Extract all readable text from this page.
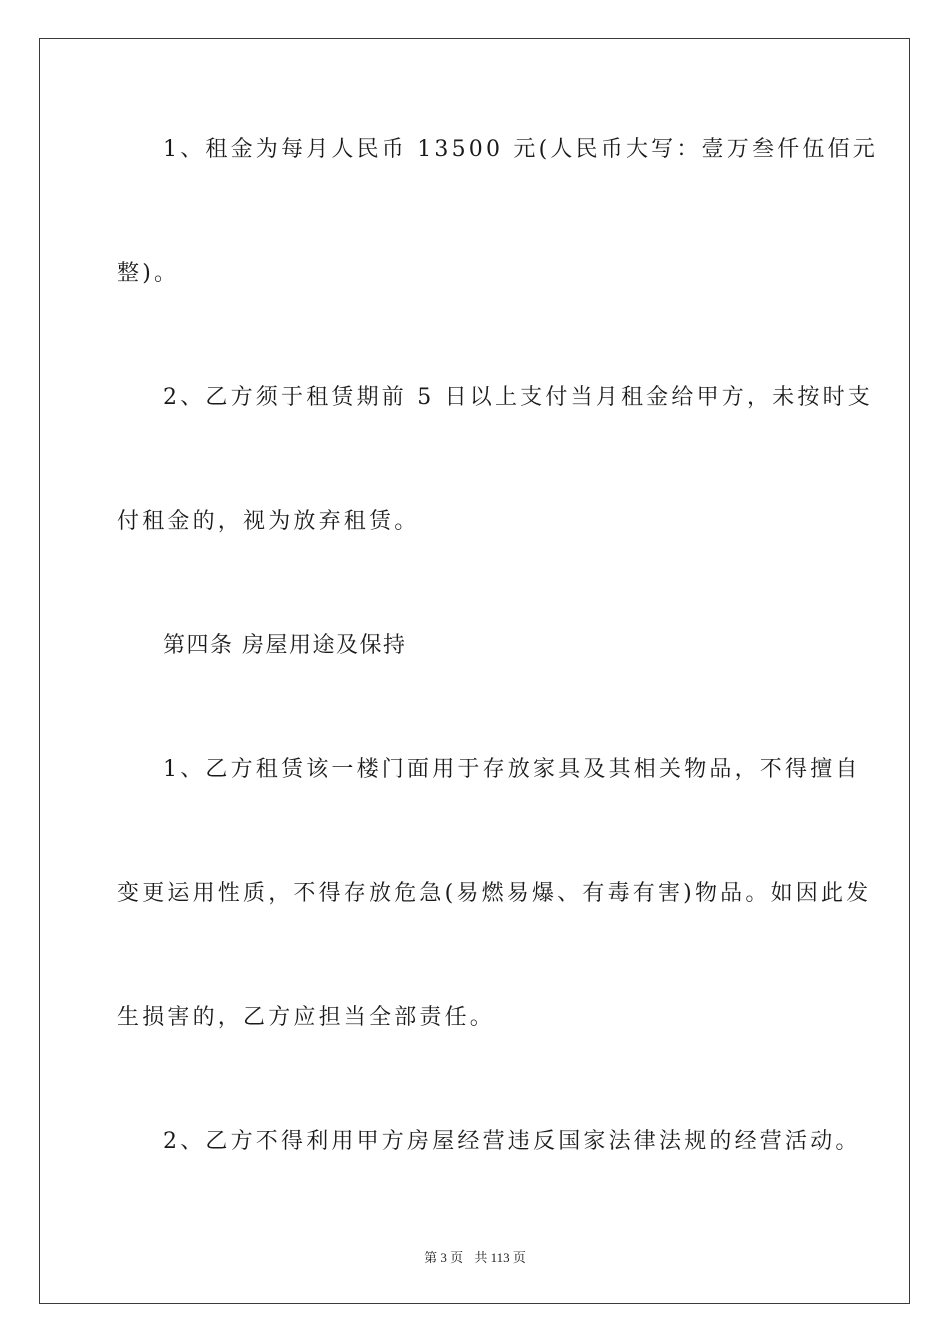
1、租金为每月人民币 13500 元(人民币大写：壹万叁仟伍佰元
整)。
2、乙方须于租赁期前 5 日以上支付当月租金给甲方，未按时支
付租金的，视为放弃租赁。
第四条 房屋用途及保持
1、乙方租赁该一楼门面用于存放家具及其相关物品，不得擅自
变更运用性质，不得存放危急(易燃易爆、有毒有害)物品。如因此发
生损害的，乙方应担当全部责任。
2、乙方不得利用甲方房屋经营违反国家法律法规的经营活动。
第 3 页 共 113 页
